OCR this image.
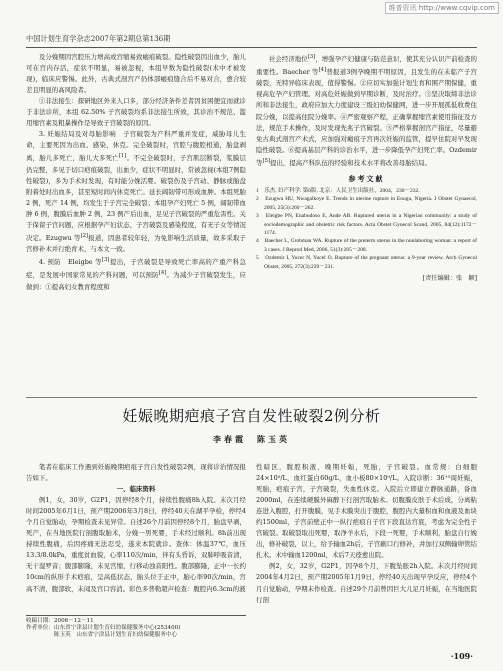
维普资讯 http://www.cqvip.com
中国计划生育学杂志2007年第2期总第136期

及分娩期因宫腔压力增高或宫缩易致瘢痕破裂。隐性破裂因出血少，胎儿可在宫内存活，症状不明显，易被忽视，本组早数为隐性破裂(术中才被发现)，临床应警惕。此外，古典式剖宫产仍体部瘢痕缝合后不易对合，愈合较差且明显的高风险者。

①非法接生：探研地区外来人口多，部分经济条件差者因贫困便宜而就诊于非法诊所，本组 62.50% 子宫破裂均系非法接生所致，其诊治不规范、滥用缩宫素及粗暴操作是导致子宫破裂的原因。

3. 妊娠结局及对母胎影响　子宫破裂为产科严重并发症，威胁母儿生命，主要死因为出血、感染、休克。完全破裂时，宫腔与腹腔相通，胎盘剥离，胎儿多死亡，胎儿大多死亡[1]。不完全破裂时，子宫肌层断裂，浆膜层仍完整，多见于切口疤痕破裂，出血少，症状不明显时，常被忽视(本组7例隐性破裂)，多为手术时发现，有时能分娩活婴。破裂伤及子宫动、静脉或胎盘附着处时出血多，甚至短时间内休克死亡。延长阔韧带可形成血肿。本组死胎 2 例，死产 14 例，均发生于子宫完全破裂；本组孕产妇死亡 5 例，阔韧带血肿 6 例，腹膜后血肿 2 例，23 例产后出血，足见子宫破裂的严重危害性。关于保留子宫问题，应根据孕产妇状态、子宫破裂及感染程度，有无子女等情况决定。Ezugwu 等[2]报道，因患者较年轻，为免影响生活质量，故多采取子宫修补术并行绝育术，与本文一致。

4. 预防　Eleigbe 等[3]提出，子宫破裂是导致死亡率高的产重产科急症，是发展中国家常见的产科问题，可以预防[4]。为减少子宫破裂发生，应做到：①提高妇女教育程度和

社会经济地位[3]，增强孕产妇健康与防范意识，使其充分认识产前检查的重要性。Baecher 等[4]普报道3例孕晚期不明原因，且发生的在未临产子宫破裂，无特异临床表现，值得警惕。②应切实加强计划生育和围产期保健，重视高危孕产妇管理。对高危妊娠做到早期诊断，及时治疗。③坚决取缔非法诊所和非法接生，政府应加大力度建设三级妇幼保健网，进一步开展孤低收费住院分娩，以提高住院分娩率。④严密观察产程，正确掌握缩宫素使用指征及方法，规范手术操作，及时发现先兆子宫破裂。⑤严格掌握剖宫产指征，尽量避免古典式剖宫产术式，应加强对瘢痕子宫再次妊娠的监管，提早住院对早发现隐性破裂。⑥提高基层产科的诊治水平，进一步降低孕产妇死亡率。Ozdemir 等[5]提出，提高产科队伍的经验和技术水平将改善母胎结局。

参考文献
1　乐杰. 妇产科学. 第6版. 北京：人民卫生出版社，2004，230－232.
2　Ezugwu HU, Nwagalkoye E. Trends in uterine rupture in Enugu, Nigeria. J Obstet Gynaecol, 2005, 25(3):260－262.
3　Eleigbe PN, Enabudoso E, Ande AB. Ruptured uterus in a Nigerian community: a study of sociodemographic and obstetric risk factors. Acta Obstet Gynecol Scand, 2005, 84(12):1172－1174.
4　Baecher L, Grobman WA. Rupture of the preterm uterus in the nonlaboring woman: a report of 3 cases. J Reprod Med, 2006, 51(3):205－208.
5　Ozdemir I, Yucer N, Yucel O. Rupture of the pregnant uterus: a 9-year review. Arch Gynecol Obstet, 2005, 272(3):229－231.
[责任编辑：张　颖]
妊娠晚期疤痕子宫自发性破裂2例分析
李春霞　陈玉英

笔者在临床工作遇到妊娠晚期疤痕子宫自发性破裂2例，现将诊治情况报告如下。

一、临床资料

例1，女，30岁，G2P1，因停经8个月，持续性腹痛8h入院。末次月经时间2005年6月1日，预产期2006年3月8日，停经40天在湖平孕检，停经4个月自觉胎动，孕期检查未见异常。自述26个月前因停经8个月，胎盘早剥，死产，在当地医院行剖腹取胎术，分娩一男死婴，手术经过顺利。8h前出现持续性腹痛，后因疼痛无法忍受，遂来本院就诊。查体：体温37℃，血压13.3/8.0kPa，重度贫血貌，心率110次/min，伴有头昏诉，双肺呼吸音清，无干湿罗音；腹部膨隆，未见宫缩，行移动浊音阳性。腹部膨隆，正中一长约10cm的纵形手术疤痕，呈高低状态，胎头位于正中，胎心率90次/min，宫高不清，腹部软，未闻及宫口容消。彩色多普勒超声检查：腹腔内6.3cm的液

性暗区，腹腔积液，晚期妊娠，死胎，子宫破裂。血常规：白细胞24×10⁹/L，血红蛋白60g/L，血小板80×10⁹/L。入院诊断：36⁺⁵周妊娠，死胎，疤痕子宫，子宫破裂，失血性休克。入院后立即建立静脉通路，备血2000ml，在连续硬膜外麻醉下行剖宫取胎术。切腹膜皮肤于术后成，分离粘连进入腹腔，打开腹膜，见手术膜突出于腹腔，腹腔内大量积血和血液及血块约1500ml，子宫前壁正中一纵行疤痕自子宫下段直达宫底，考虑为完全性子宫破裂。取破裂取出死婴，取净羊水后，下段一死婴，手术顺利，胎盘自行娩出，修补破裂，以上，给予输血2h后，子宫刷口行修补，并加行双侧输卵管结扎术。术中输血1200ml，术后7天痊愈出院。

例2，女，32岁，G2P1，因孕8个月，下腹坠胀2h入院。末次月经时间2004年4月2日，预产期2005年1月9日，停经40天出现早孕反应，停经4个月自觉胎动，孕期未作检查。自述29个月前曾因巨大儿足月妊娠，在当地医院行剖

收稿日期：2006－12－11
作者单位：山东省宁津县计划生育妇幼保健服务中心(253400)
　　　　　陈玉英　山东省宁津县计划生育妇幼保健服务中心
·109·
